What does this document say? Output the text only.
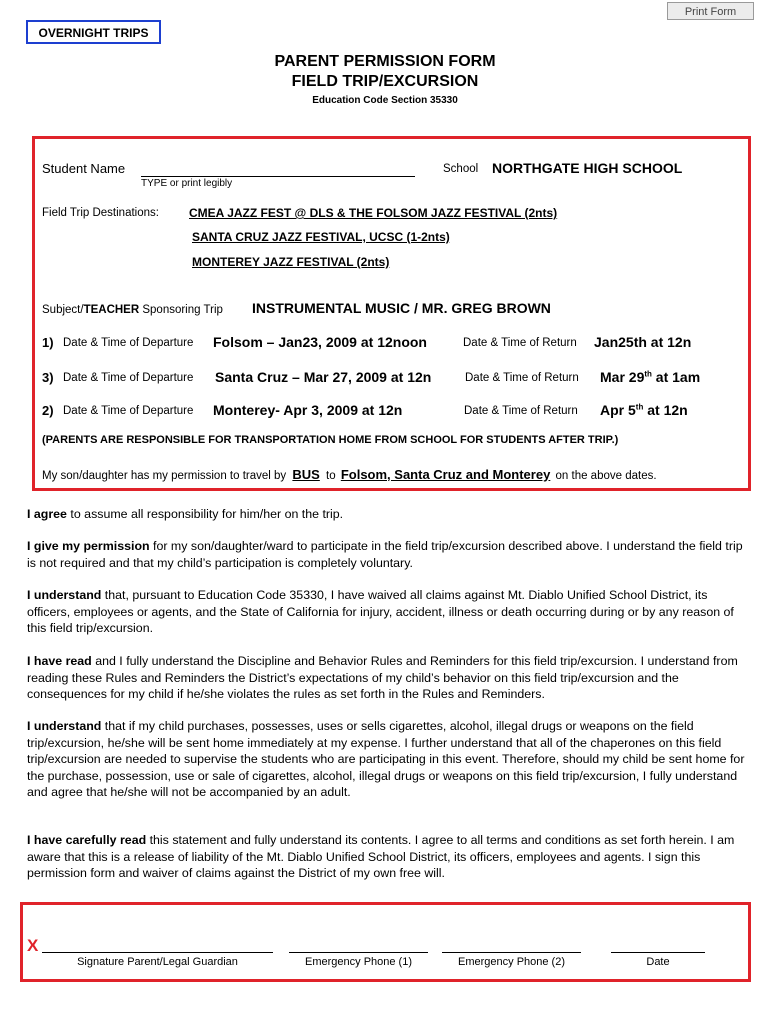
Print Form
OVERNIGHT TRIPS
PARENT PERMISSION FORM
FIELD TRIP/EXCURSION
Education Code Section 35330
Student Name
TYPE or print legibly
School NORTHGATE HIGH SCHOOL
Field Trip Destinations:	CMEA JAZZ FEST @ DLS & THE FOLSOM JAZZ FESTIVAL (2nts)
SANTA CRUZ JAZZ FESTIVAL, UCSC (1-2nts)
MONTEREY JAZZ FESTIVAL (2nts)
Subject/TEACHER Sponsoring Trip INSTRUMENTAL MUSIC / MR. GREG BROWN
1) Date & Time of Departure Folsom – Jan23, 2009 at 12noon	Date & Time of Return Jan25th at 12n
3) Date & Time of Departure Santa Cruz – Mar 27, 2009 at 12n	Date & Time of Return Mar 29th at 1am
2) Date & Time of Departure Monterey- Apr 3, 2009 at 12n	Date & Time of Return Apr 5th at 12n
(PARENTS ARE RESPONSIBLE FOR TRANSPORTATION HOME FROM SCHOOL FOR STUDENTS AFTER TRIP.)
My son/daughter has my permission to travel by BUS to Folsom, Santa Cruz and Monterey on the above dates.
I agree to assume all responsibility for him/her on the trip.
I give my permission for my son/daughter/ward to participate in the field trip/excursion described above. I understand the field trip is not required and that my child’s participation is completely voluntary.
I understand that, pursuant to Education Code 35330, I have waived all claims against Mt. Diablo Unified School District, its officers, employees or agents, and the State of California for injury, accident, illness or death occurring during or by any reason of this field trip/excursion.
I have read and I fully understand the Discipline and Behavior Rules and Reminders for this field trip/excursion. I understand from reading these Rules and Reminders the District’s expectations of my child’s behavior on this field trip/excursion and the consequences for my child if he/she violates the rules as set forth in the Rules and Reminders.
I understand that if my child purchases, possesses, uses or sells cigarettes, alcohol, illegal drugs or weapons on the field trip/excursion, he/she will be sent home immediately at my expense. I further understand that all of the chaperones on this field trip/excursion are needed to supervise the students who are participating in this event. Therefore, should my child be sent home for the purchase, possession, use or sale of cigarettes, alcohol, illegal drugs or weapons on this field trip/excursion, I fully understand and agree that he/she will not be accompanied by an adult.
I have carefully read this statement and fully understand its contents. I agree to all terms and conditions as set forth herein. I am aware that this is a release of liability of the Mt. Diablo Unified School District, its officers, employees and agents. I sign this permission form and waiver of claims against the District of my own free will.
X
Signature Parent/Legal Guardian	Emergency Phone (1)	Emergency Phone (2)	Date
